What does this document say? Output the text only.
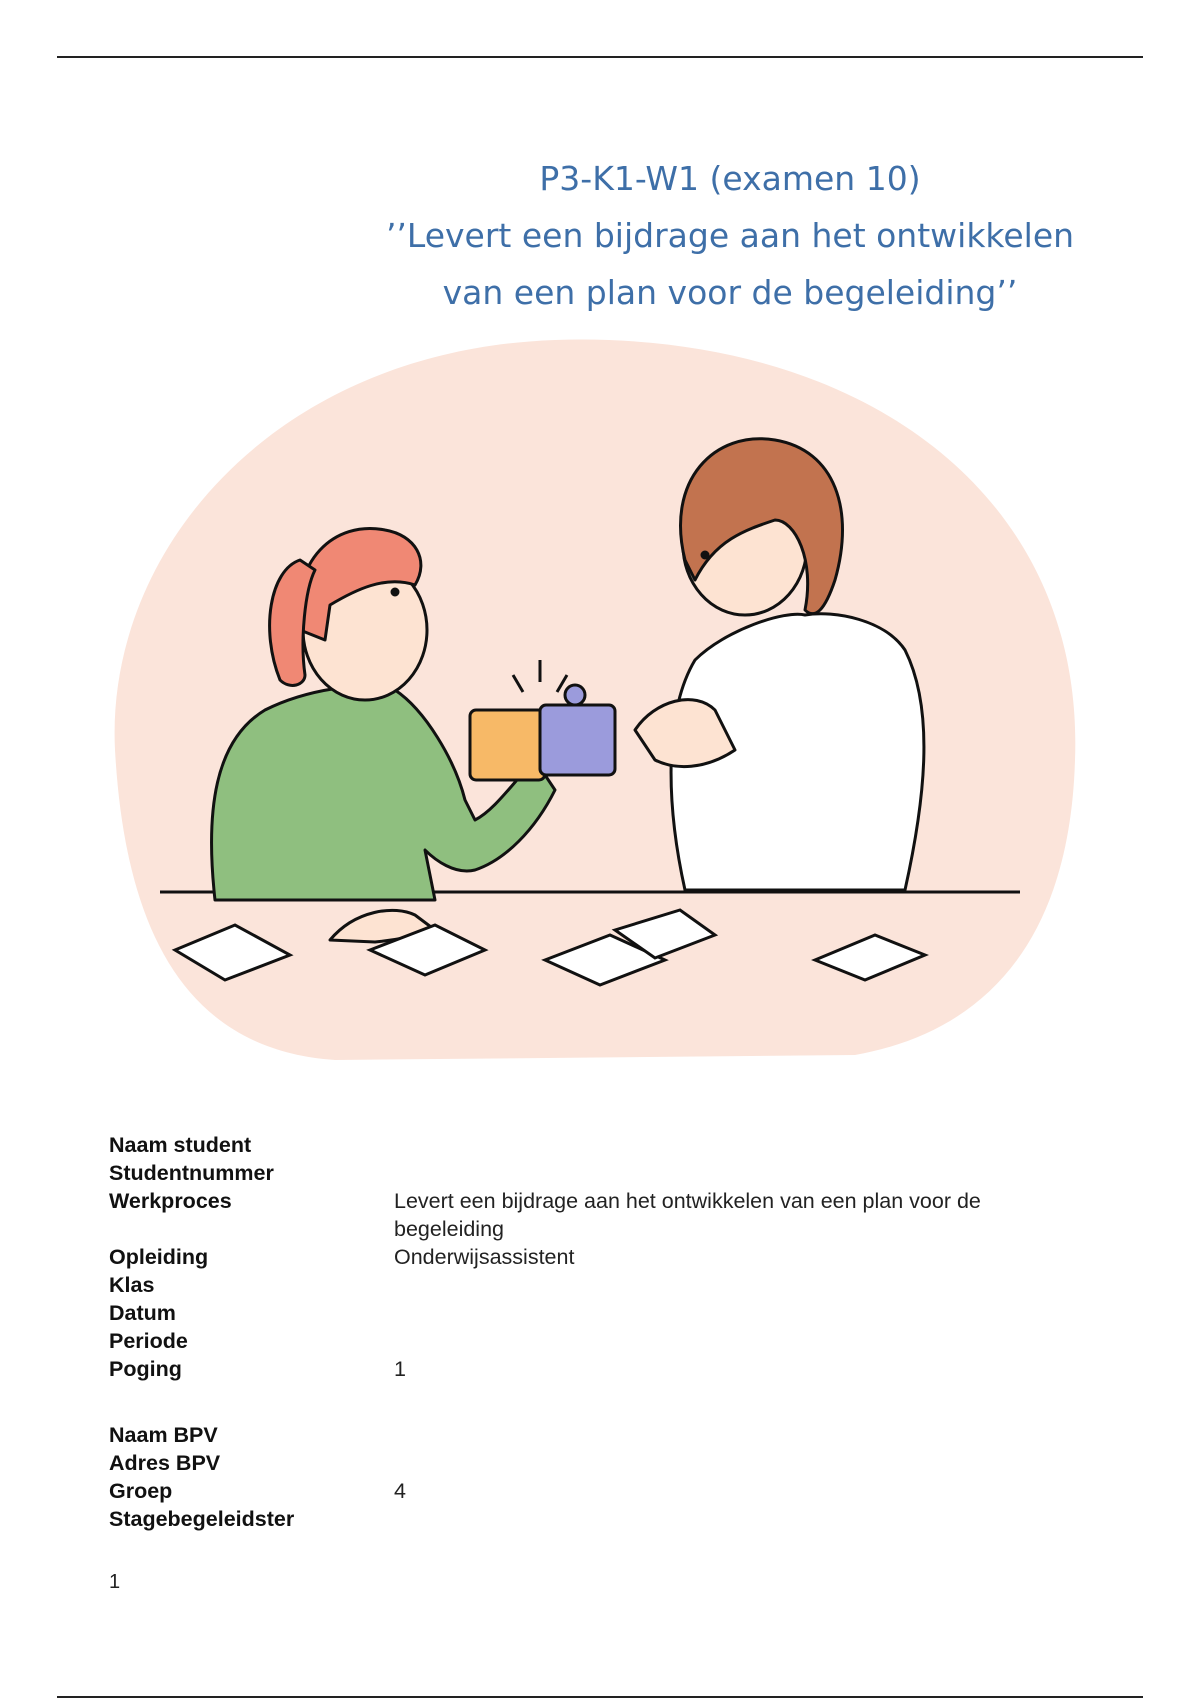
P3-K1-W1 (examen 10)
’’Levert een bijdrage aan het ontwikkelen
van een plan voor de begeleiding’’
Naam student
Studentnummer
Werkproces	Levert een bijdrage aan het ontwikkelen van een plan voor de
begeleiding
Opleiding	Onderwijsassistent
Klas
Datum
Periode
Poging	1
Naam BPV
Adres BPV
Groep	4
Stagebegeleidster
1
